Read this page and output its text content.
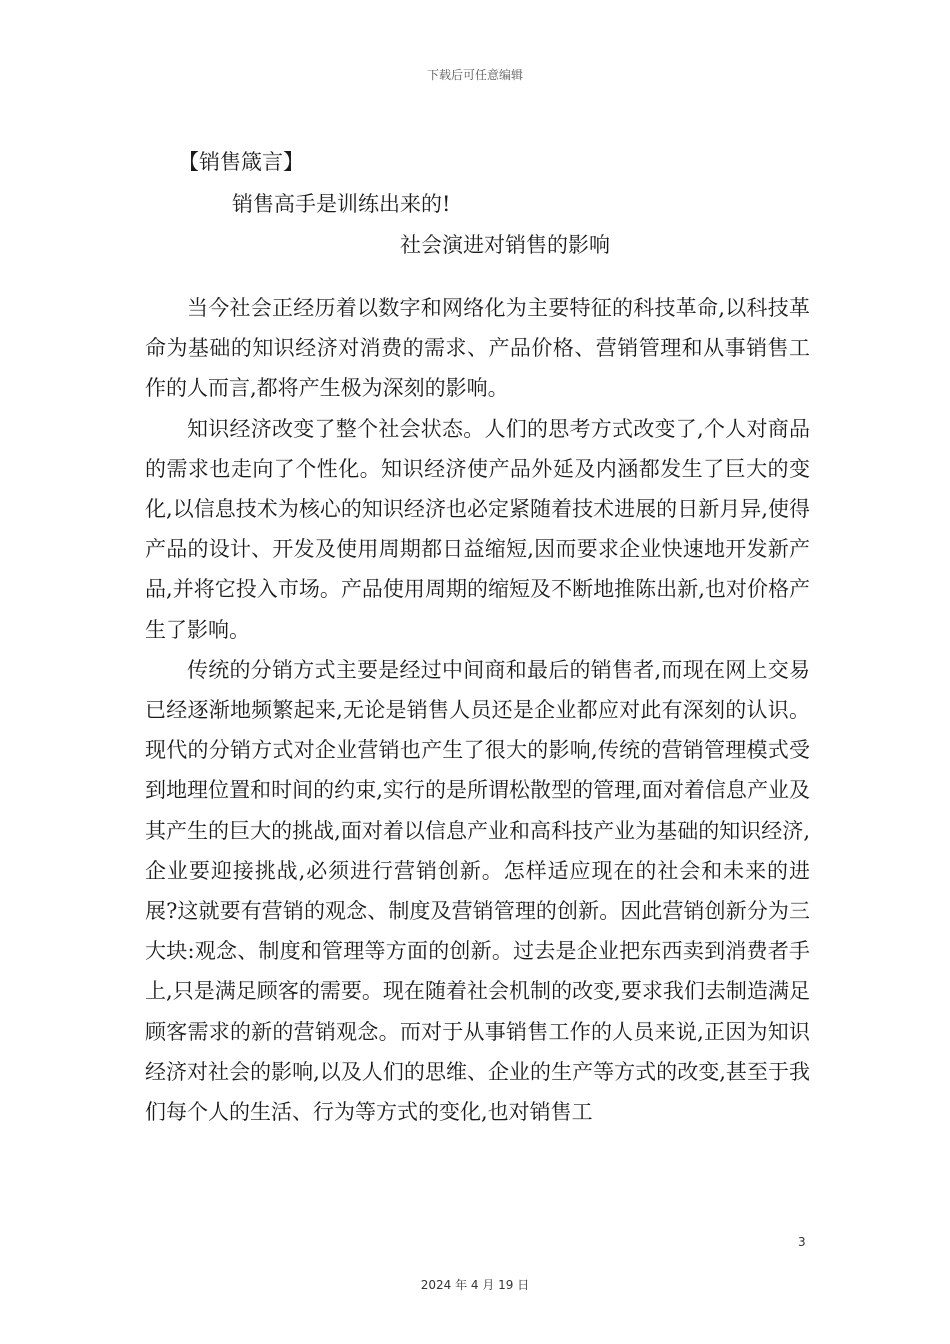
下载后可任意编辑
【销售箴言】
销售高手是训练出来的!
社会演进对销售的影响

当今社会正经历着以数字和网络化为主要特征的科技革命,以科技革命为基础的知识经济对消费的需求、产品价格、营销管理和从事销售工作的人而言,都将产生极为深刻的影响。

知识经济改变了整个社会状态。人们的思考方式改变了,个人对商品的需求也走向了个性化。知识经济使产品外延及内涵都发生了巨大的变化,以信息技术为核心的知识经济也必定紧随着技术进展的日新月异,使得产品的设计、开发及使用周期都日益缩短,因而要求企业快速地开发新产品,并将它投入市场。产品使用周期的缩短及不断地推陈出新,也对价格产生了影响。

传统的分销方式主要是经过中间商和最后的销售者,而现在网上交易已经逐渐地频繁起来,无论是销售人员还是企业都应对此有深刻的认识。现代的分销方式对企业营销也产生了很大的影响,传统的营销管理模式受到地理位置和时间的约束,实行的是所谓松散型的管理,面对着信息产业及其产生的巨大的挑战,面对着以信息产业和高科技产业为基础的知识经济,企业要迎接挑战,必须进行营销创新。怎样适应现在的社会和未来的进展?这就要有营销的观念、制度及营销管理的创新。因此营销创新分为三大块:观念、制度和管理等方面的创新。过去是企业把东西卖到消费者手上,只是满足顾客的需要。现在随着社会机制的改变,要求我们去制造满足顾客需求的新的营销观念。而对于从事销售工作的人员来说,正因为知识经济对社会的影响,以及人们的思维、企业的生产等方式的改变,甚至于我们每个人的生活、行为等方式的变化,也对销售工

3
2024 年 4 月 19 日
